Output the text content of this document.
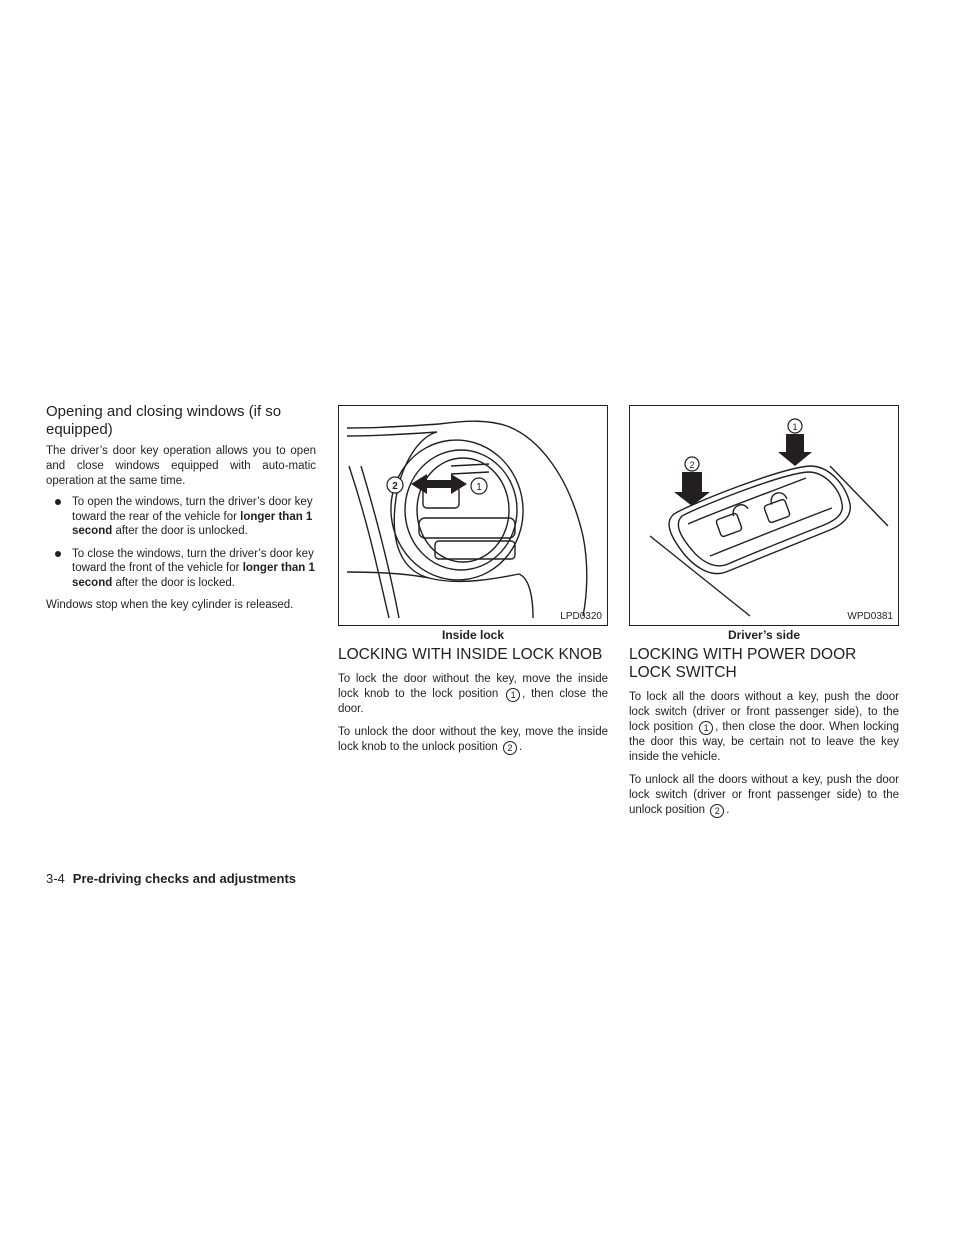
Opening and closing windows (if so equipped)

The driver’s door key operation allows you to open and close windows equipped with auto-matic operation at the same time.

To open the windows, turn the driver’s door key toward the rear of the vehicle for longer than 1 second after the door is unlocked.
To close the windows, turn the driver’s door key toward the front of the vehicle for longer than 1 second after the door is locked.

Windows stop when the key cylinder is released.

2	1
LPD0320
Inside lock
2
1
WPD0381
Driver’s side
LOCKING WITH INSIDE LOCK KNOB

To lock the door without the key, move the inside lock knob to the lock position 1 , then close the door.

To unlock the door without the key, move the inside lock knob to the unlock position 2 .

LOCKING WITH POWER DOOR LOCK SWITCH

To lock all the doors without a key, push the door lock switch (driver or front passenger side), to the lock position 1 , then close the door. When locking the door this way, be certain not to leave the key inside the vehicle.

To unlock all the doors without a key, push the door lock switch (driver or front passenger side) to the unlock position 2 .

3-4 Pre-driving checks and adjustments
